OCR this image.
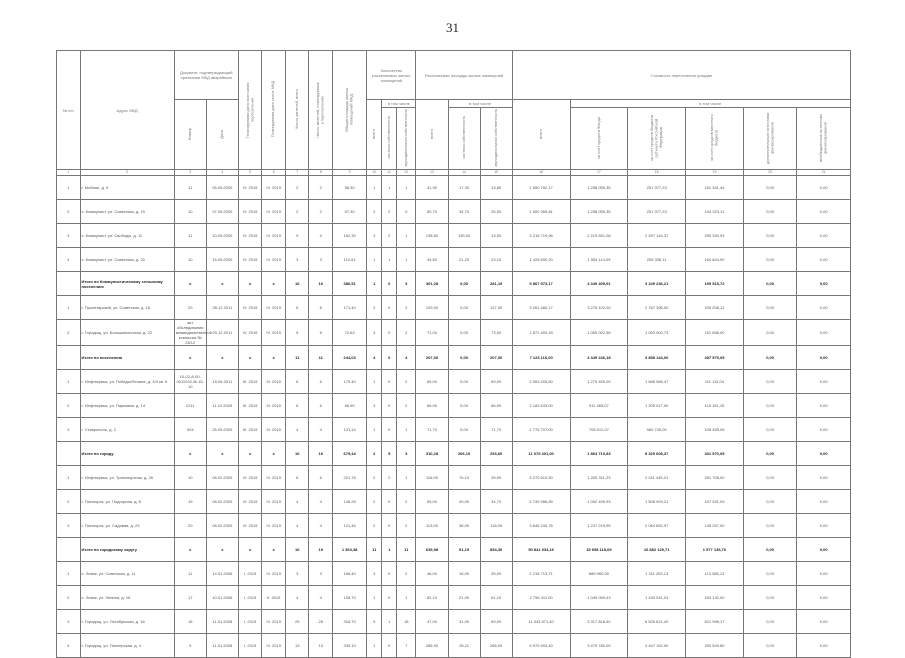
31
№ п/п	Адрес МКД	Документ, подтверждающий признание МКД аварийным		Планируемая дата окончания переселения	Планируемая дата сноса МКД	Число жителей, всего	Число жителей, планируемых к переселению	Общая площадь жилых помещений МКД	Количество расселяемых жилых помещений			Расселяемая площадь жилых помещений			Стоимость переселения граждан					
		Номер	Дата						всего	в том числе		всего	в том числе		всего	в том числе				
										частная собственность	муниципальная собственность		частная собственность	муниципальная собственность		за счет средств Фонда	за счет средств бюджета субъекта Российской Федерации	за счет средств местного бюджета	дополнительные источники финансирования	внебюджетные источники финансирования
1	2	3	4	5	6	7	8	9	10	11	12	13	14	15	16	17	18	19	20	21
1	г. Мобиль, д. 9	11	05.09.2009	IV. 2019	IV. 2019	2	2	56,30	1	1	1	41,90	17,30	13,80	1 650 782,17	1 258 059,35	251 377,23	151 341,44	0,00	0,00
2	с. Коммунист, ул. Советская, д. 19	10	07.09.2009	IV. 2019	IV. 2019	2	2	57,30	2	2	0	60,70	34,70	26,00	1 500 369,81	1 258 059,35	251 377,23	104 323,11	0,00	0,00
3	с. Коммунист, ул. Свободы, д. 11	11	10.09.2009	IV. 2019	IV. 2019	9	9	162,30	3	2	1	138,60	135,00	13,00	3 216 719,96	2 219 651,08	2 497 144,37	295 330,93	0,00	0,00
4	с. Коммунист, ул. Советская, д. 20	10	15.09.2009	IV. 2019	IV. 2019	3	3	110,61	1	1	1	44,60	21,20	23,10	1 428 690,20	1 554 114,09	255 336,11	164 844,90	0,00	0,00
	Итого по Коммунистическому сельскому поселению	х	х	х	х	16	16	386,51	1	0	3	301,28	0,00	281,19	9 867 973,17	4 349 409,91	3 249 246,21	195 515,72	0,00	0,00
1	г. Пролетарский, ул. Советская, д. 16	20	28.12.2011	IV. 2019	IV. 2019	6	6	171,40	2	0	2	129,00	0,00	127,00	3 261 480,17	3 278 102,00	2 767 396,00	100 208,12	0,00	0,00
2	г. Городищ, ул. Большевистская, д. 22	акт обследования межведомственной комиссии № 26/12	29.12.2011	IV. 2019	IV. 2019	5	5	72,63	3	0	2	71,00	0,00	73,00	1 871 400,49	1 065 002,56	1 053 900,73	151 658,00	0,00	0,00
	Итого по поселению	х	х	х	х	11	11	244,03	4	0	4	207,00	0,00	207,00	7 123 116,00	4 349 246,18	3 858 144,00	287 575,05	0,00	0,00
1	г. Нефтекумск, ул. Победы/Ленина, д. 3/4 кв. 6	10-02-А-00-0011032-Ж-15-10	15.06.2011	III. 2019	III. 2019	6	6	179,40	1	0	2	69,00	0,00	69,00	2 063 405,60	1 275 459,00	1 668 986,47	111 114,04	0,00	0,00
2	г. Нефтекумск, ул. Парковая, д. 14	1211	11.12.2009	III. 2019	III. 2019	6	6	66,90	3	0	2	66,90	0,00	66,90	2 183 633,00	911 465,07	1 209 017,00	115 191,15	0,00	0,00
3	г. Ставрополь, д. 2	004	25.09.2009	III. 2019	III. 2019	4	4	131,14	1	0	1	71,70	0,00	71,70	1 776 707,00	708 512,07	960 745,00	105 455,05	0,00	0,00
	Итого по городу	х	х	х	х	16	16	679,44	2	5	3	310,28	206,10	253,60	11 079 401,00	1 864 719,83	8 329 608,37	331 570,05	0,00	0,00
1	г. Нефтекумск, ул. Транспортная, д. 26	10	06.02.2009	IV. 2019	IV. 2019	6	6	221,76	2	2	1	116,00	76,10	39,90	3 270 610,50	1 205 311,23	2 011 445,01	251 708,00	0,00	0,00
2	г. Пятигорск, ул. Подгорная, д. 8	19	08.02.2009	IV. 2019	IV. 2019	4	4	146,26	2	0	2	99,00	40,00	34,70	2 749 956,89	1 092 495,93	1 508 993,21	107 931,09	0,00	0,00
3	г. Пятигорск, ул. Садовая, д. 23	20	08.02.2009	IV. 2019	IV. 2019	4	4	121,46	2	0	2	113,00	38,00	118,05	3 646 240,76	1 237 219,95	2 064 652,97	145 257,00	0,00	0,00
	Итого по городскому округу	х	х	х	х	16	19	1 363,38	11	1	11	639,98	91,19	854,30	50 841 934,16	15 698 118,09	16 882 129,71	1 577 136,76	0,00	0,00
1	с. Левок, ул. Советская, д. 11	11	14.01.2008	I. 2019	IV. 2019	3	3	166,40	3	0	2	46,00	16,00	35,00	2 218 713,71	889 960,00	1 311 253,13	113 085,13	0,00	0,00
2	с. Левок, ул. Ленина, д. 16	17	10.01.2008	I. 2019	II. 2019	4	4	108,70	1	0	1	82,10	21,00	61,10	2 756 411,00	1 049 059,43	1 430 041,03	153 132,00	0,00	0,00
3	г. Городищ, ул. Октябрьская, д. 16	18	11.01.2008	I. 2019	IV. 2019	25	26	316,70	9	1	18	47,00	31,00	69,00	11 043 871,40	3 317 818,40	6 526 621,40	521 998,17	0,00	0,00
4	г. Городищ, ул. Пионерская, д. 4	9	11.01.2008	I. 2019	IV. 2019	13	13	339,10	1	0	7	286,90	26,11	266,00	6 970 593,40	3 479 780,00	3 447 152,00	290 549,80	0,00	0,00
